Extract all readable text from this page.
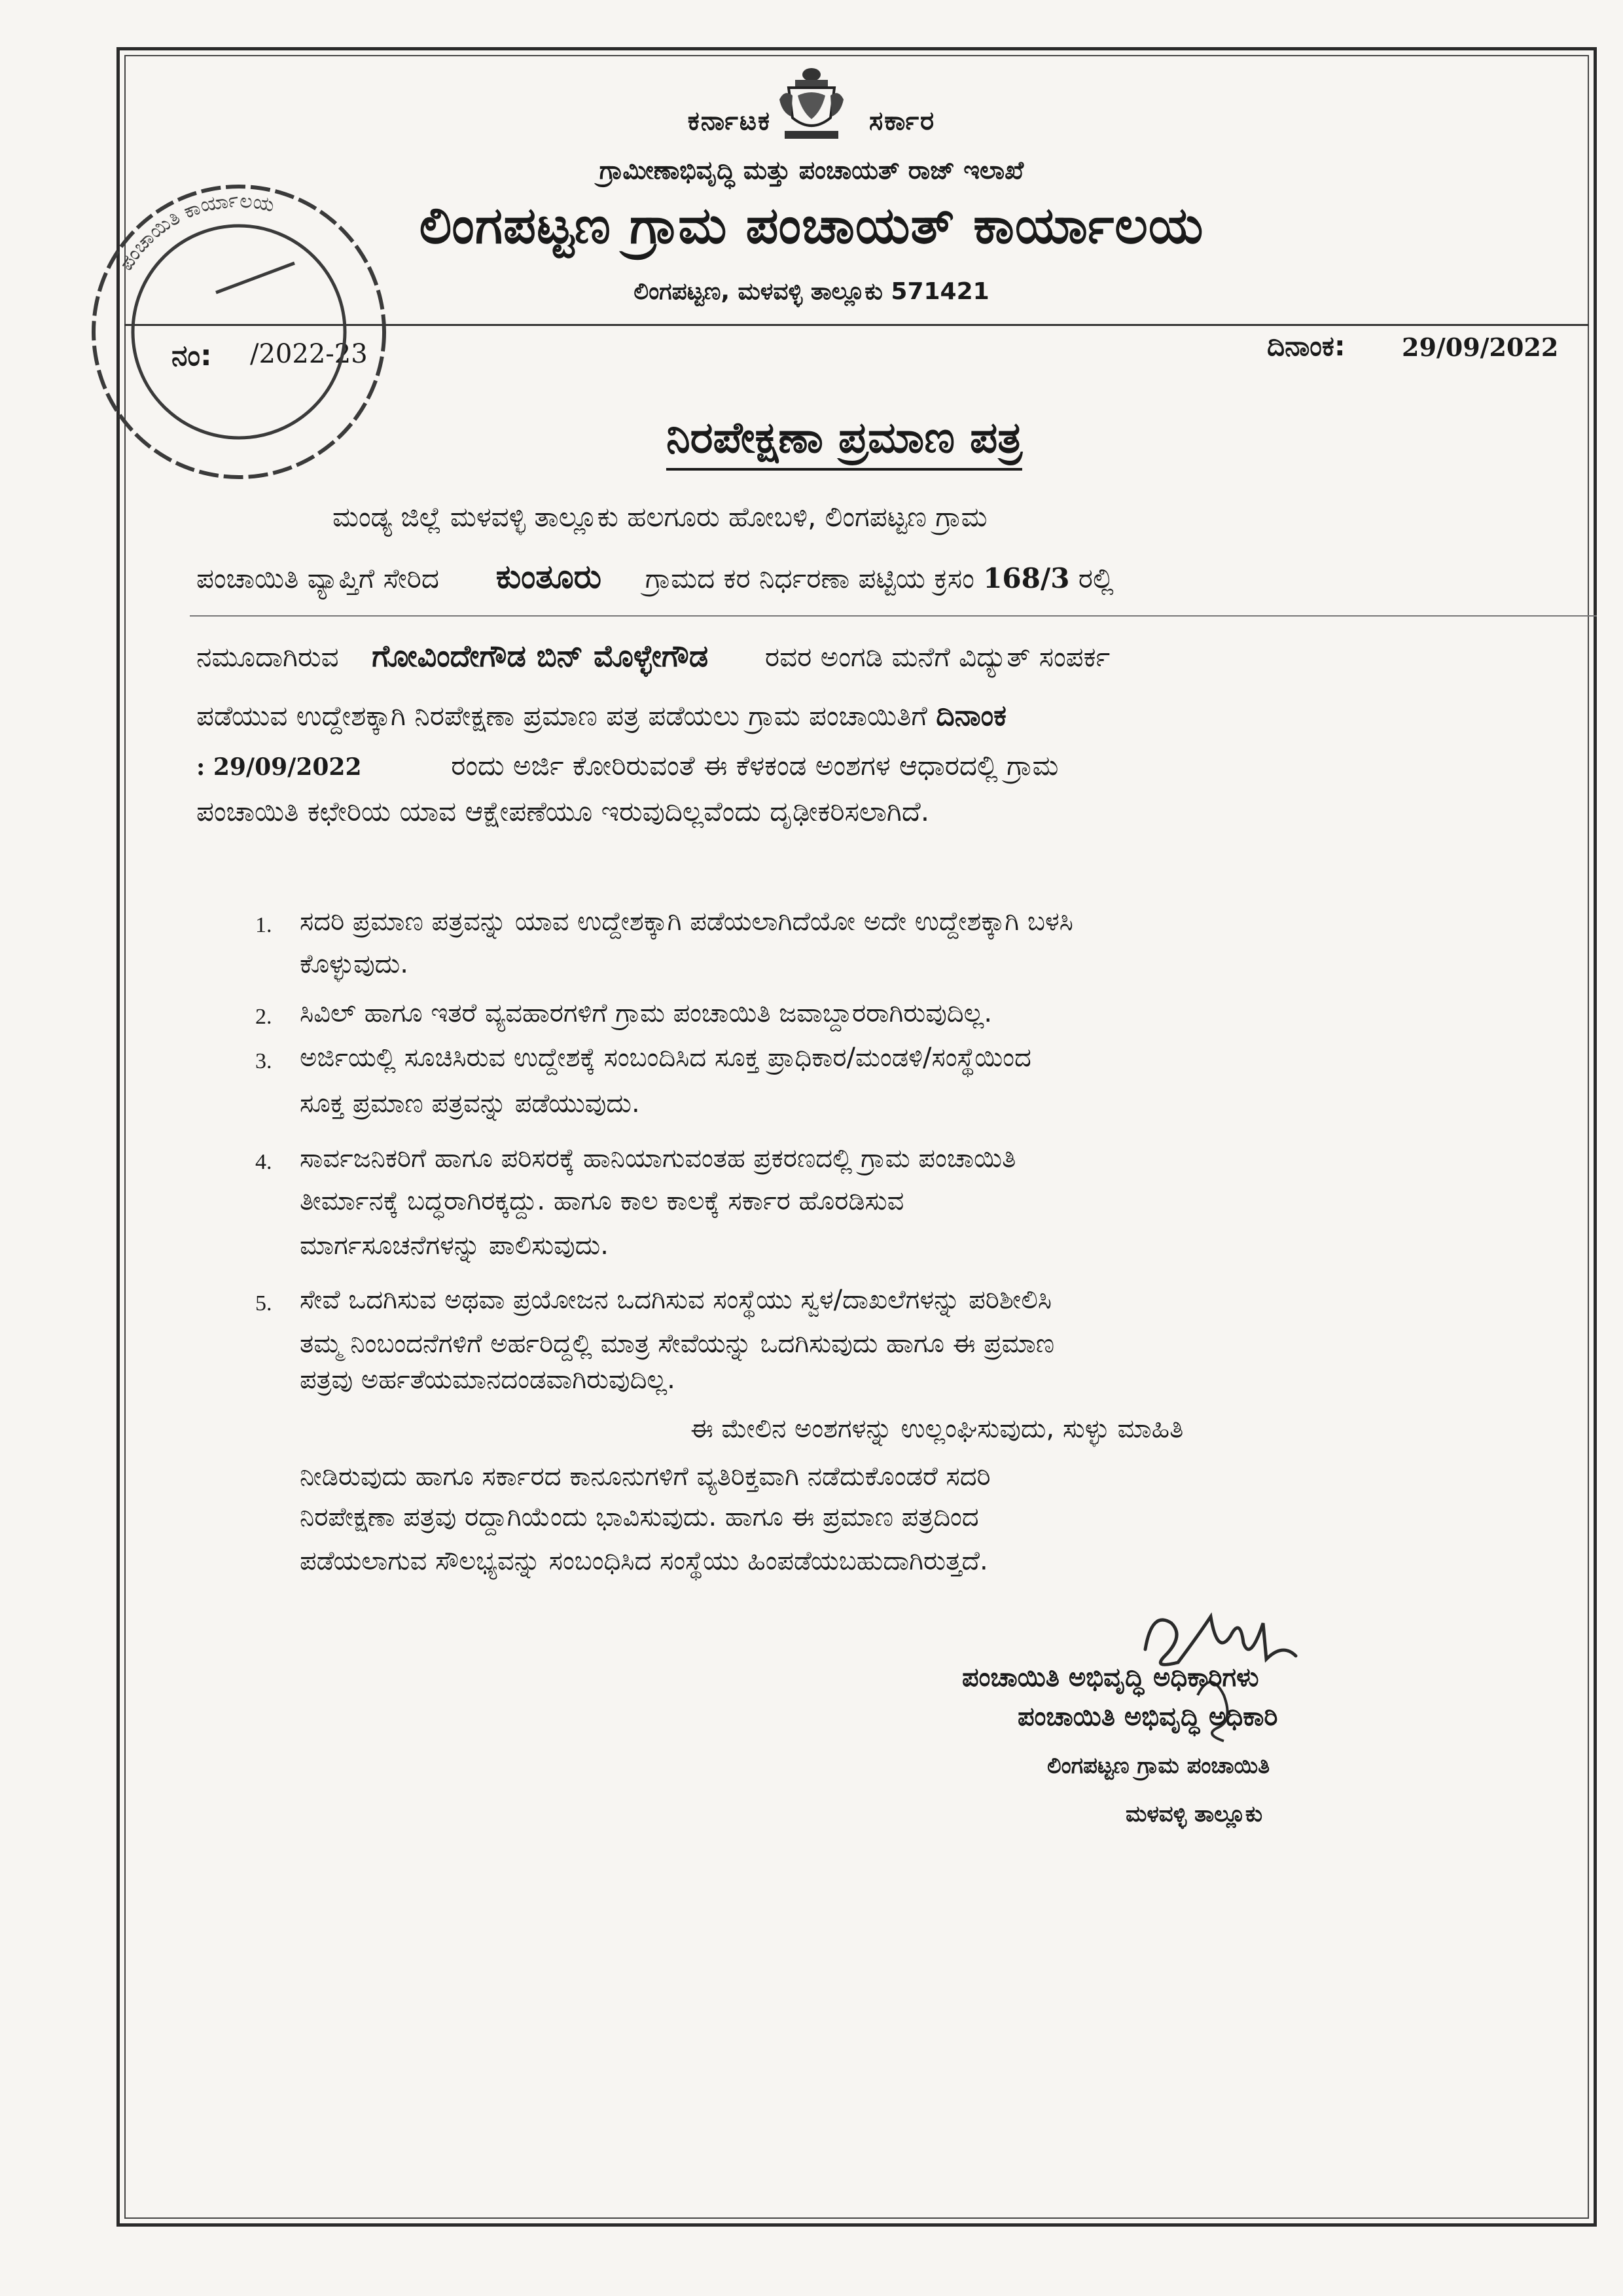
ಕರ್ನಾಟಕ	ಸರ್ಕಾರ
ಗ್ರಾಮೀಣಾಭಿವೃದ್ಧಿ ಮತ್ತು ಪಂಚಾಯತ್ ರಾಜ್ ಇಲಾಖೆ
ಲಿಂಗಪಟ್ಟಣ ಗ್ರಾಮ ಪಂಚಾಯತ್ ಕಾರ್ಯಾಲಯ
ಲಿಂಗಪಟ್ಟಣ, ಮಳವಳ್ಳಿ ತಾಲ್ಲೂಕು 571421
ನಂ: /2022-23	ದಿನಾಂಕ: 29/09/2022
ಪಂಚಾಯಿತಿ ಕಾರ್ಯಾಲಯ
ನಿರಪೇಕ್ಷಣಾ ಪ್ರಮಾಣ ಪತ್ರ
ಮಂಡ್ಯ ಜಿಲ್ಲೆ ಮಳವಳ್ಳಿ ತಾಲ್ಲೂಕು ಹಲಗೂರು ಹೋಬಳಿ, ಲಿಂಗಪಟ್ಟಣ ಗ್ರಾಮ
ಪಂಚಾಯಿತಿ ವ್ಯಾಪ್ತಿಗೆ ಸೇರಿದ ಕುಂತೂರು ಗ್ರಾಮದ ಕರ ನಿರ್ಧರಣಾ ಪಟ್ಟಿಯ ಕ್ರಸಂ 168/3 ರಲ್ಲಿ
ನಮೂದಾಗಿರುವ ಗೋವಿಂದೇಗೌಡ ಬಿನ್ ಮೊಳ್ಳೇಗೌಡ ರವರ ಅಂಗಡಿ ಮನೆಗೆ ವಿದ್ಯುತ್ ಸಂಪರ್ಕ
ಪಡೆಯುವ ಉದ್ದೇಶಕ್ಕಾಗಿ ನಿರಪೇಕ್ಷಣಾ ಪ್ರಮಾಣ ಪತ್ರ ಪಡೆಯಲು ಗ್ರಾಮ ಪಂಚಾಯಿತಿಗೆ ದಿನಾಂಕ
: 29/09/2022	ರಂದು ಅರ್ಜಿ ಕೋರಿರುವಂತೆ ಈ ಕೆಳಕಂಡ ಅಂಶಗಳ ಆಧಾರದಲ್ಲಿ ಗ್ರಾಮ
ಪಂಚಾಯಿತಿ ಕಛೇರಿಯ ಯಾವ ಆಕ್ಷೇಪಣೆಯೂ ಇರುವುದಿಲ್ಲವೆಂದು ದೃಢೀಕರಿಸಲಾಗಿದೆ.
1. ಸದರಿ ಪ್ರಮಾಣ ಪತ್ರವನ್ನು ಯಾವ ಉದ್ದೇಶಕ್ಕಾಗಿ ಪಡೆಯಲಾಗಿದೆಯೋ ಅದೇ ಉದ್ದೇಶಕ್ಕಾಗಿ ಬಳಸಿ
ಕೊಳ್ಳುವುದು.
2. ಸಿವಿಲ್ ಹಾಗೂ ಇತರೆ ವ್ಯವಹಾರಗಳಿಗೆ ಗ್ರಾಮ ಪಂಚಾಯಿತಿ ಜವಾಬ್ದಾರರಾಗಿರುವುದಿಲ್ಲ.
3. ಅರ್ಜಿಯಲ್ಲಿ ಸೂಚಿಸಿರುವ ಉದ್ದೇಶಕ್ಕೆ ಸಂಬಂದಿಸಿದ ಸೂಕ್ತ ಪ್ರಾಧಿಕಾರ/ಮಂಡಳಿ/ಸಂಸ್ಥೆಯಿಂದ
ಸೂಕ್ತ ಪ್ರಮಾಣ ಪತ್ರವನ್ನು ಪಡೆಯುವುದು.
4. ಸಾರ್ವಜನಿಕರಿಗೆ ಹಾಗೂ ಪರಿಸರಕ್ಕೆ ಹಾನಿಯಾಗುವಂತಹ ಪ್ರಕರಣದಲ್ಲಿ ಗ್ರಾಮ ಪಂಚಾಯಿತಿ
ತೀರ್ಮಾನಕ್ಕೆ ಬದ್ಧರಾಗಿರಕ್ಕದ್ದು. ಹಾಗೂ ಕಾಲ ಕಾಲಕ್ಕೆ ಸರ್ಕಾರ ಹೊರಡಿಸುವ
ಮಾರ್ಗಸೂಚನೆಗಳನ್ನು ಪಾಲಿಸುವುದು.
5. ಸೇವೆ ಒದಗಿಸುವ ಅಥವಾ ಪ್ರಯೋಜನ ಒದಗಿಸುವ ಸಂಸ್ಥೆಯು ಸ್ವಳ/ದಾಖಲೆಗಳನ್ನು ಪರಿಶೀಲಿಸಿ
ತಮ್ಮ ನಿಂಬಂದನೆಗಳಿಗೆ ಅರ್ಹರಿದ್ದಲ್ಲಿ ಮಾತ್ರ ಸೇವೆಯನ್ನು ಒದಗಿಸುವುದು ಹಾಗೂ ಈ ಪ್ರಮಾಣ
ಪತ್ರವು ಅರ್ಹತೆಯಮಾನದಂಡವಾಗಿರುವುದಿಲ್ಲ.
ಈ ಮೇಲಿನ ಅಂಶಗಳನ್ನು ಉಲ್ಲಂಘಿಸುವುದು, ಸುಳ್ಳು ಮಾಹಿತಿ
ನೀಡಿರುವುದು ಹಾಗೂ ಸರ್ಕಾರದ ಕಾನೂನುಗಳಿಗೆ ವ್ಯತಿರಿಕ್ತವಾಗಿ ನಡೆದುಕೊಂಡರೆ ಸದರಿ
ನಿರಪೇಕ್ಷಣಾ ಪತ್ರವು ರದ್ದಾಗಿಯೆಂದು ಭಾವಿಸುವುದು. ಹಾಗೂ ಈ ಪ್ರಮಾಣ ಪತ್ರದಿಂದ
ಪಡೆಯಲಾಗುವ ಸೌಲಭ್ಯವನ್ನು ಸಂಬಂಧಿಸಿದ ಸಂಸ್ಥೆಯು ಹಿಂಪಡೆಯಬಹುದಾಗಿರುತ್ತದೆ.
ಪಂಚಾಯಿತಿ ಅಭಿವೃದ್ಧಿ ಅಧಿಕಾರಿಗಳು
ಪಂಚಾಯಿತಿ ಅಭಿವೃದ್ಧಿ ಅಧಿಕಾರಿ
ಲಿಂಗಪಟ್ಟಣ ಗ್ರಾಮ ಪಂಚಾಯಿತಿ
ಮಳವಳ್ಳಿ ತಾಲ್ಲೂಕು
